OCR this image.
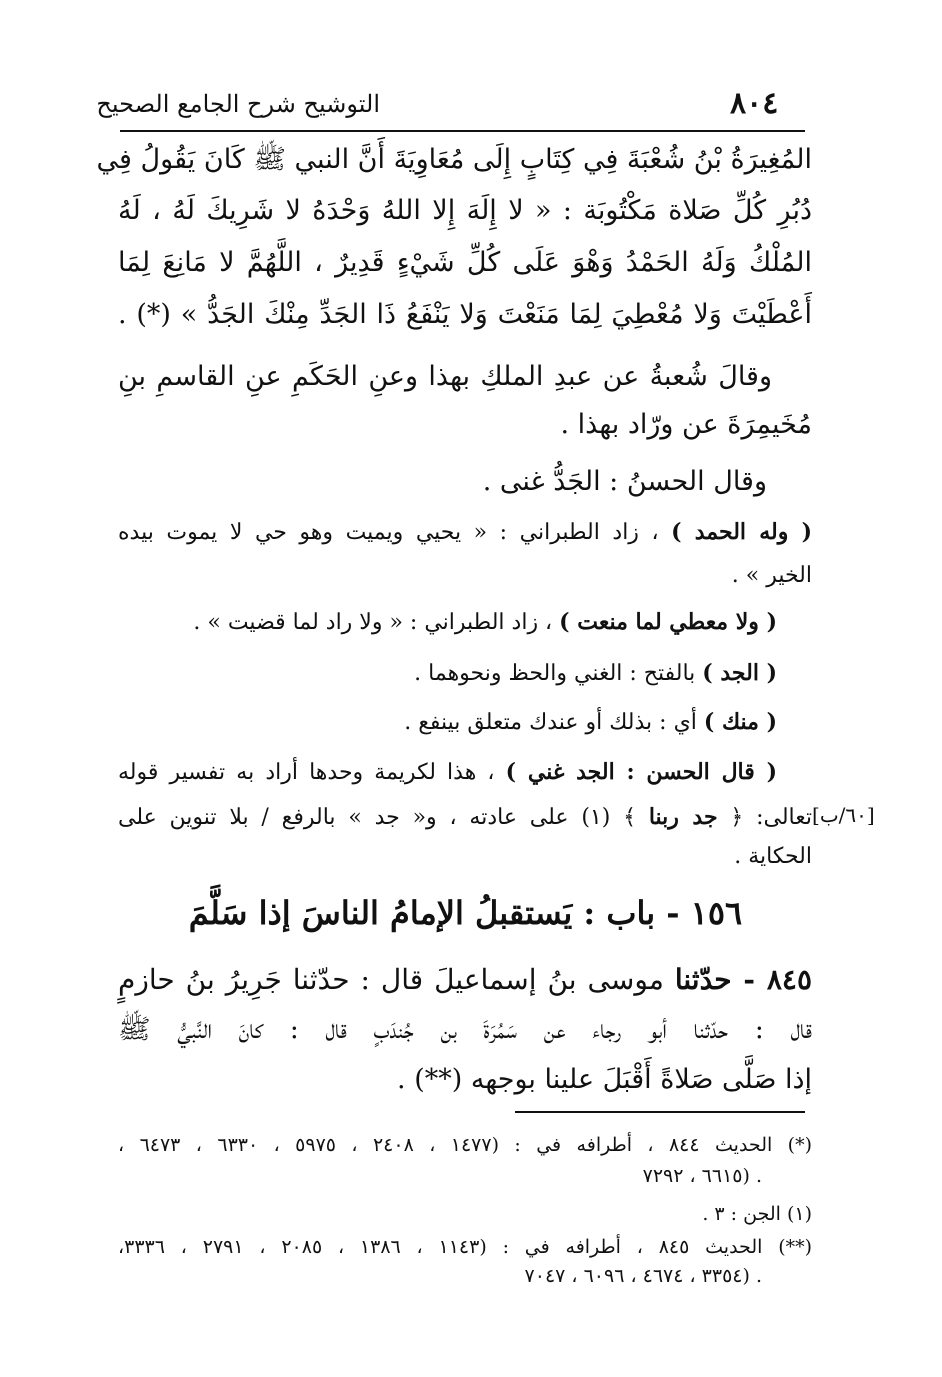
٨٠٤
التوشيح شرح الجامع الصحيح
المُغِيرَةُ بْنُ شُعْبَةَ فِي كِتَابٍ إِلَى مُعَاوِيَةَ أَنَّ النبي ﷺ كَانَ يَقُولُ فِي
دُبُرِ كُلِّ صَلاة مَكْتُوبَة : « لا إِلَهَ إِلا اللهُ وَحْدَهُ لا شَرِيكَ لَهُ ، لَهُ
المُلْكُ وَلَهُ الحَمْدُ وَهْوَ عَلَى كُلِّ شَيْءٍ قَدِيرٌ ، اللَّهُمَّ لا مَانِعَ لِمَا
أَعْطَيْتَ وَلا مُعْطِيَ لِمَا مَنَعْتَ وَلا يَنْفَعُ ذَا الجَدِّ مِنْكَ الجَدُّ » (*) .
وقالَ شُعبةُ عن عبدِ الملكِ بهذا وعنِ الحَكَمِ عنِ القاسمِ بنِ
مُخَيمِرَةَ عن ورّاد بهذا .
وقال الحسنُ : الجَدُّ غنى .
( وله الحمد ) ، زاد الطبراني : « يحيي ويميت وهو حي لا يموت بيده
الخير » .
( ولا معطي لما منعت ) ، زاد الطبراني : « ولا راد لما قضيت » .
( الجد ) بالفتح : الغني والحظ ونحوهما .
( منك ) أي : بذلك أو عندك متعلق بينفع .
( قال الحسن : الجد غني ) ، هذا لكريمة وحدها أراد به تفسير قوله
تعالى: ﴿ جد ربنا ﴾ (١) على عادته ، و« جد » بالرفع / بلا تنوين على
الحكاية .
[٦٠/ب]
١٥٦ - باب : يَستقبلُ الإمامُ الناسَ إذا سَلَّمَ
٨٤٥ - حدّثنا موسى بنُ إسماعيلَ قال : حدّثنا جَرِيرُ بنُ حازمٍ
قال : حدّثنا أبو رجاء عن سَمُرَةَ بن جُندَبٍ قال : كانَ النَّبيُّ ﷺ
إذا صَلَّى صَلاةً أَقْبَلَ علينا بوجهه (**) .
(*) الحديث ٨٤٤ ، أطرافه في : (١٤٧٧ ، ٢٤٠٨ ، ٥٩٧٥ ، ٦٣٣٠ ، ٦٤٧٣ ،
٦٦١٥ ، ٧٢٩٢) .
(١) الجن : ٣ .
(**) الحديث ٨٤٥ ، أطرافه في : (١١٤٣ ، ١٣٨٦ ، ٢٠٨٥ ، ٢٧٩١ ، ٣٣٣٦،
٣٣٥٤ ، ٤٦٧٤ ، ٦٠٩٦ ، ٧٠٤٧) .
